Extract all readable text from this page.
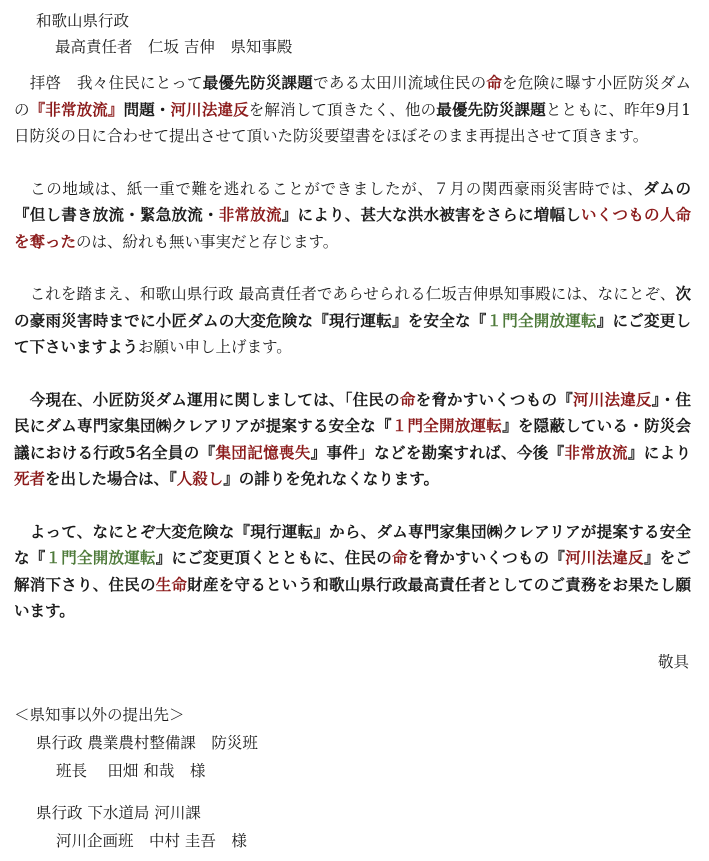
和歌山県行政
最高責任者　仁坂 吉伸　県知事殿
　拝啓　我々住民にとって最優先防災課題である太田川流域住民の命を危険に曝す小匠防災ダムの『非常放流』問題・河川法違反を解消して頂きたく、他の最優先防災課題とともに、昨年9月1日防災の日に合わせて提出させて頂いた防災要望書をほぼそのまま再提出させて頂きます。
　この地域は、紙一重で難を逃れることができましたが、７月の関西豪雨災害時では、ダムの『但し書き放流・緊急放流・非常放流』により、甚大な洪水被害をさらに増幅しいくつもの人命を奪ったのは、紛れも無い事実だと存じます。
　これを踏まえ、和歌山県行政 最高責任者であらせられる仁坂吉伸県知事殿には、なにとぞ、次の豪雨災害時までに小匠ダムの大変危険な『現行運転』を安全な『１門全開放運転』にご変更して下さいますようお願い申し上げます。
　今現在、小匠防災ダム運用に関しましては、「住民の命を脅かすいくつもの『河川法違反』・住民にダム専門家集団㈱クレアリアが提案する安全な『１門全開放運転』を隠蔽している・防災会議における行政5名全員の『集団記憶喪失』事件」などを勘案すれば、今後『非常放流』により死者を出した場合は、『人殺し』の誹りを免れなくなります。
　よって、なにとぞ大変危険な『現行運転』から、ダム専門家集団㈱クレアリアが提案する安全な『１門全開放運転』にご変更頂くとともに、住民の命を脅かすいくつもの『河川法違反』をご解消下さり、住民の生命財産を守るという和歌山県行政最高責任者としてのご責務をお果たし願います。
敬具
＜県知事以外の提出先＞
県行政 農業農村整備課　防災班
班長　 田畑 和哉　様
県行政 下水道局 河川課
河川企画班　中村 圭吾　様
